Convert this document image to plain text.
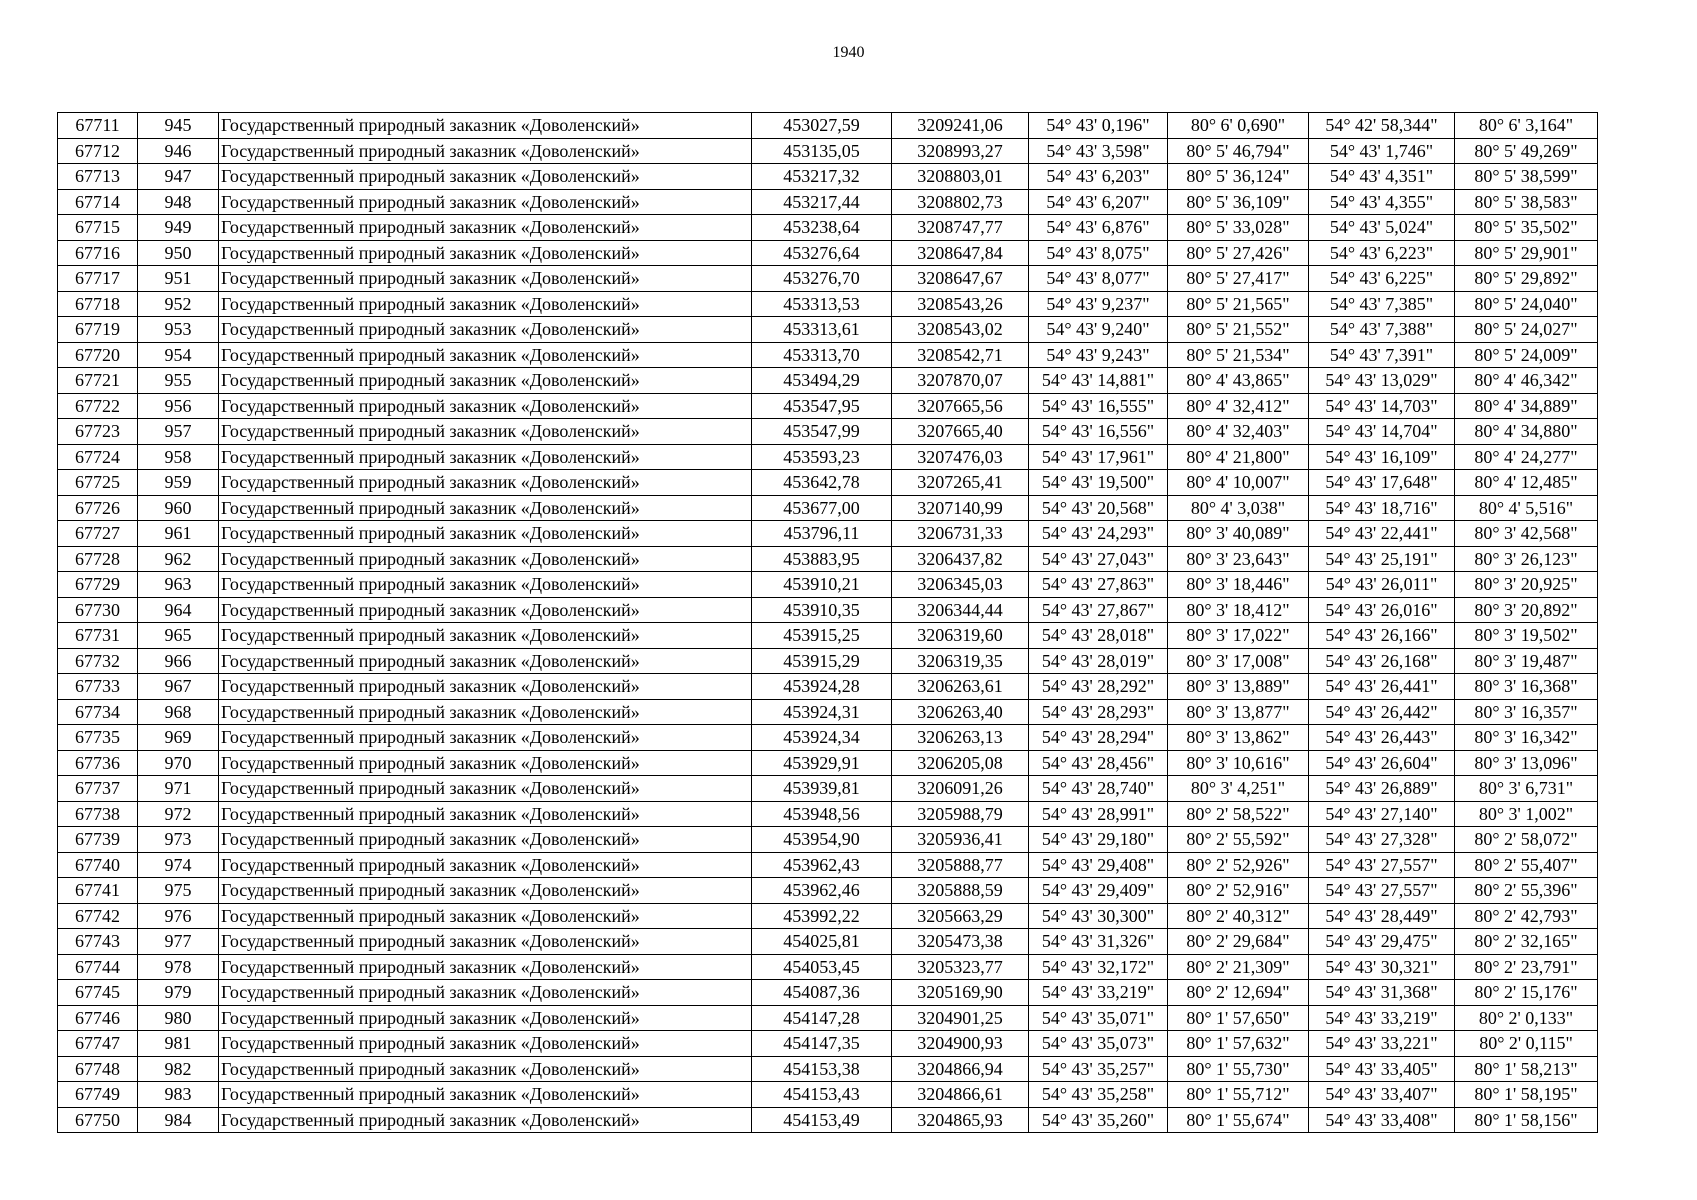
1940
67711	945	Государственный природный заказник «Доволенский»	453027,59	3209241,06	54° 43' 0,196"	80° 6' 0,690"	54° 42' 58,344"	80° 6' 3,164"
67712	946	Государственный природный заказник «Доволенский»	453135,05	3208993,27	54° 43' 3,598"	80° 5' 46,794"	54° 43' 1,746"	80° 5' 49,269"
67713	947	Государственный природный заказник «Доволенский»	453217,32	3208803,01	54° 43' 6,203"	80° 5' 36,124"	54° 43' 4,351"	80° 5' 38,599"
67714	948	Государственный природный заказник «Доволенский»	453217,44	3208802,73	54° 43' 6,207"	80° 5' 36,109"	54° 43' 4,355"	80° 5' 38,583"
67715	949	Государственный природный заказник «Доволенский»	453238,64	3208747,77	54° 43' 6,876"	80° 5' 33,028"	54° 43' 5,024"	80° 5' 35,502"
67716	950	Государственный природный заказник «Доволенский»	453276,64	3208647,84	54° 43' 8,075"	80° 5' 27,426"	54° 43' 6,223"	80° 5' 29,901"
67717	951	Государственный природный заказник «Доволенский»	453276,70	3208647,67	54° 43' 8,077"	80° 5' 27,417"	54° 43' 6,225"	80° 5' 29,892"
67718	952	Государственный природный заказник «Доволенский»	453313,53	3208543,26	54° 43' 9,237"	80° 5' 21,565"	54° 43' 7,385"	80° 5' 24,040"
67719	953	Государственный природный заказник «Доволенский»	453313,61	3208543,02	54° 43' 9,240"	80° 5' 21,552"	54° 43' 7,388"	80° 5' 24,027"
67720	954	Государственный природный заказник «Доволенский»	453313,70	3208542,71	54° 43' 9,243"	80° 5' 21,534"	54° 43' 7,391"	80° 5' 24,009"
67721	955	Государственный природный заказник «Доволенский»	453494,29	3207870,07	54° 43' 14,881"	80° 4' 43,865"	54° 43' 13,029"	80° 4' 46,342"
67722	956	Государственный природный заказник «Доволенский»	453547,95	3207665,56	54° 43' 16,555"	80° 4' 32,412"	54° 43' 14,703"	80° 4' 34,889"
67723	957	Государственный природный заказник «Доволенский»	453547,99	3207665,40	54° 43' 16,556"	80° 4' 32,403"	54° 43' 14,704"	80° 4' 34,880"
67724	958	Государственный природный заказник «Доволенский»	453593,23	3207476,03	54° 43' 17,961"	80° 4' 21,800"	54° 43' 16,109"	80° 4' 24,277"
67725	959	Государственный природный заказник «Доволенский»	453642,78	3207265,41	54° 43' 19,500"	80° 4' 10,007"	54° 43' 17,648"	80° 4' 12,485"
67726	960	Государственный природный заказник «Доволенский»	453677,00	3207140,99	54° 43' 20,568"	80° 4' 3,038"	54° 43' 18,716"	80° 4' 5,516"
67727	961	Государственный природный заказник «Доволенский»	453796,11	3206731,33	54° 43' 24,293"	80° 3' 40,089"	54° 43' 22,441"	80° 3' 42,568"
67728	962	Государственный природный заказник «Доволенский»	453883,95	3206437,82	54° 43' 27,043"	80° 3' 23,643"	54° 43' 25,191"	80° 3' 26,123"
67729	963	Государственный природный заказник «Доволенский»	453910,21	3206345,03	54° 43' 27,863"	80° 3' 18,446"	54° 43' 26,011"	80° 3' 20,925"
67730	964	Государственный природный заказник «Доволенский»	453910,35	3206344,44	54° 43' 27,867"	80° 3' 18,412"	54° 43' 26,016"	80° 3' 20,892"
67731	965	Государственный природный заказник «Доволенский»	453915,25	3206319,60	54° 43' 28,018"	80° 3' 17,022"	54° 43' 26,166"	80° 3' 19,502"
67732	966	Государственный природный заказник «Доволенский»	453915,29	3206319,35	54° 43' 28,019"	80° 3' 17,008"	54° 43' 26,168"	80° 3' 19,487"
67733	967	Государственный природный заказник «Доволенский»	453924,28	3206263,61	54° 43' 28,292"	80° 3' 13,889"	54° 43' 26,441"	80° 3' 16,368"
67734	968	Государственный природный заказник «Доволенский»	453924,31	3206263,40	54° 43' 28,293"	80° 3' 13,877"	54° 43' 26,442"	80° 3' 16,357"
67735	969	Государственный природный заказник «Доволенский»	453924,34	3206263,13	54° 43' 28,294"	80° 3' 13,862"	54° 43' 26,443"	80° 3' 16,342"
67736	970	Государственный природный заказник «Доволенский»	453929,91	3206205,08	54° 43' 28,456"	80° 3' 10,616"	54° 43' 26,604"	80° 3' 13,096"
67737	971	Государственный природный заказник «Доволенский»	453939,81	3206091,26	54° 43' 28,740"	80° 3' 4,251"	54° 43' 26,889"	80° 3' 6,731"
67738	972	Государственный природный заказник «Доволенский»	453948,56	3205988,79	54° 43' 28,991"	80° 2' 58,522"	54° 43' 27,140"	80° 3' 1,002"
67739	973	Государственный природный заказник «Доволенский»	453954,90	3205936,41	54° 43' 29,180"	80° 2' 55,592"	54° 43' 27,328"	80° 2' 58,072"
67740	974	Государственный природный заказник «Доволенский»	453962,43	3205888,77	54° 43' 29,408"	80° 2' 52,926"	54° 43' 27,557"	80° 2' 55,407"
67741	975	Государственный природный заказник «Доволенский»	453962,46	3205888,59	54° 43' 29,409"	80° 2' 52,916"	54° 43' 27,557"	80° 2' 55,396"
67742	976	Государственный природный заказник «Доволенский»	453992,22	3205663,29	54° 43' 30,300"	80° 2' 40,312"	54° 43' 28,449"	80° 2' 42,793"
67743	977	Государственный природный заказник «Доволенский»	454025,81	3205473,38	54° 43' 31,326"	80° 2' 29,684"	54° 43' 29,475"	80° 2' 32,165"
67744	978	Государственный природный заказник «Доволенский»	454053,45	3205323,77	54° 43' 32,172"	80° 2' 21,309"	54° 43' 30,321"	80° 2' 23,791"
67745	979	Государственный природный заказник «Доволенский»	454087,36	3205169,90	54° 43' 33,219"	80° 2' 12,694"	54° 43' 31,368"	80° 2' 15,176"
67746	980	Государственный природный заказник «Доволенский»	454147,28	3204901,25	54° 43' 35,071"	80° 1' 57,650"	54° 43' 33,219"	80° 2' 0,133"
67747	981	Государственный природный заказник «Доволенский»	454147,35	3204900,93	54° 43' 35,073"	80° 1' 57,632"	54° 43' 33,221"	80° 2' 0,115"
67748	982	Государственный природный заказник «Доволенский»	454153,38	3204866,94	54° 43' 35,257"	80° 1' 55,730"	54° 43' 33,405"	80° 1' 58,213"
67749	983	Государственный природный заказник «Доволенский»	454153,43	3204866,61	54° 43' 35,258"	80° 1' 55,712"	54° 43' 33,407"	80° 1' 58,195"
67750	984	Государственный природный заказник «Доволенский»	454153,49	3204865,93	54° 43' 35,260"	80° 1' 55,674"	54° 43' 33,408"	80° 1' 58,156"
